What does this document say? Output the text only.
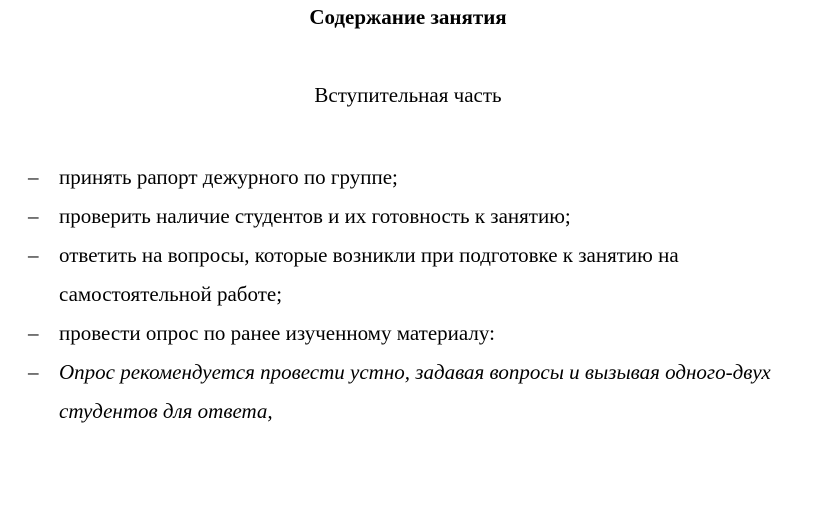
Содержание занятия
Вступительная часть
– принять рапорт дежурного по группе;
– проверить наличие студентов и их готовность к занятию;
– ответить на вопросы, которые возникли при подготовке к занятию на самостоятельной работе;
– провести опрос по ранее изученному материалу:
– Опрос рекомендуется провести устно, задавая вопросы и вызывая одного-двух студентов для ответа,
